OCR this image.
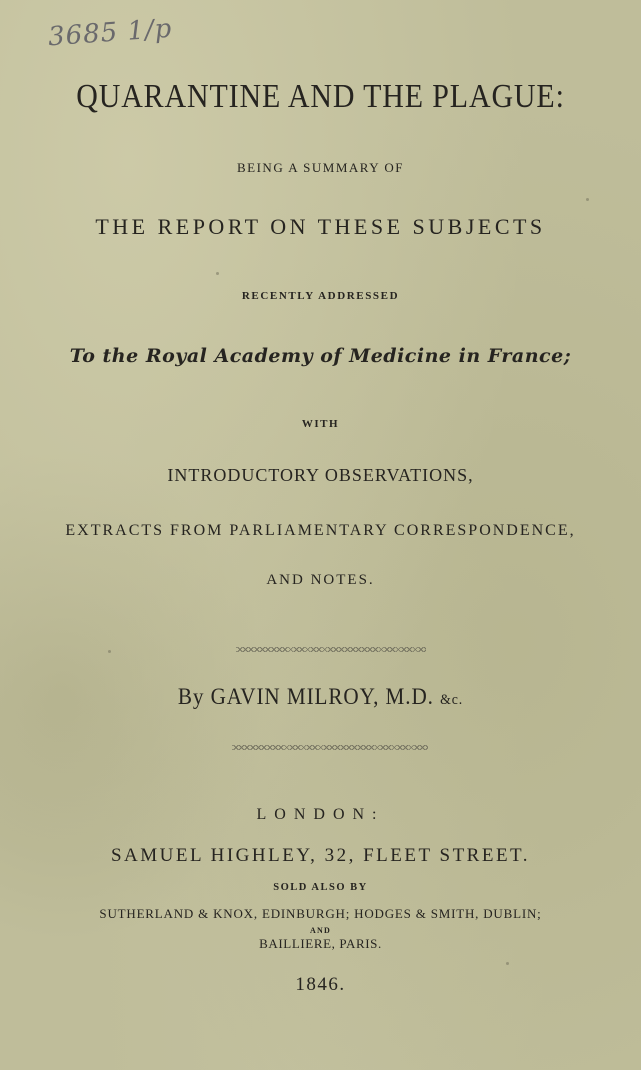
3685 1/p
QUARANTINE AND THE PLAGUE:

BEING A SUMMARY OF

THE REPORT ON THESE SUBJECTS

RECENTLY ADDRESSED

To the Royal Academy of Medicine in France;

WITH

INTRODUCTORY OBSERVATIONS,

EXTRACTS FROM PARLIAMENTARY CORRESPONDENCE,

AND NOTES.

By GAVIN MILROY, M.D. &c.

LONDON:

SAMUEL HIGHLEY, 32, FLEET STREET.

SOLD ALSO BY

SUTHERLAND & KNOX, EDINBURGH; HODGES & SMITH, DUBLIN;

AND

BAILLIERE, PARIS.

1846.
